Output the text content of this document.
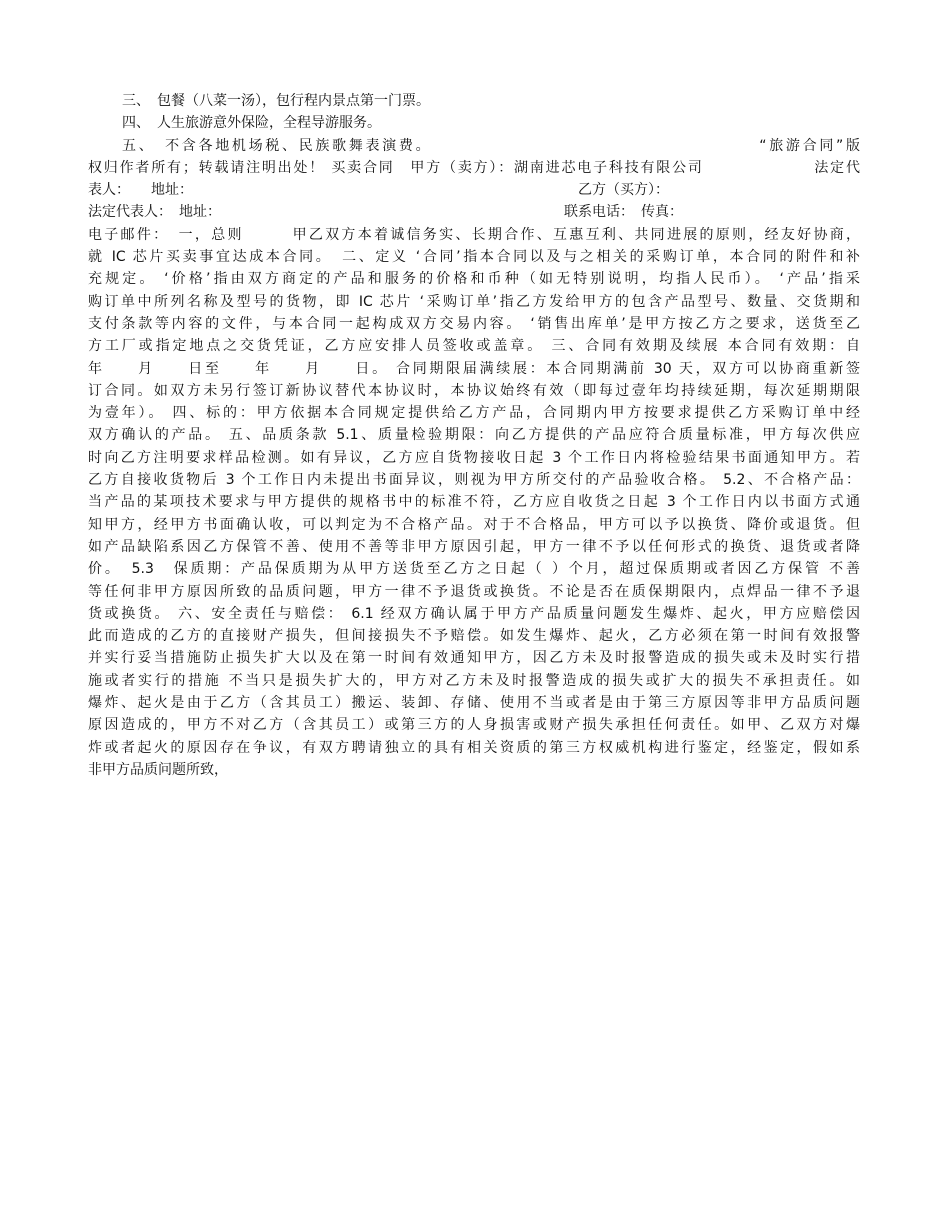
三、　包餐（八菜一汤），包行程内景点第一门票。
四、　人生旅游意外保险，全程导游服务。
五、　不含各地机场税、民族歌舞表演费。　　　　　　　　　　　　　　　　　　　　“旅游合同”版
权归作者所有；转载请注明出处！ 买卖合同　甲方（卖方）：湖南进芯电子科技有限公司　　　　　　　法定代
表人：　　地址：　　　　　　　　　　　　　　　　　　　　　　　　　　　　乙方（买方）：
法定代表人：　地址：　　　　　　　　　　　　　　　　　　　　　　　　　联系电话：　传真：
电子邮件：　一，总则　　　甲乙双方本着诚信务实、长期合作、互惠互利、共同进展的原则，经友好协商，
就 IC 芯片买卖事宜达成本合同。　二、定义 ‘合同’指本合同以及与之相关的采购订单，本合同的附件和补
充规定。 ‘价格’指由双方商定的产品和服务的价格和币种（如无特别说明，均指人民币）。 ‘产品’指采
购订单中所列名称及型号的货物，即 IC 芯片 ‘采购订单’指乙方发给甲方的包含产品型号、数量、交货期和
支付条款等内容的文件，与本合同一起构成双方交易内容。 ‘销售出库单’是甲方按乙方之要求，送货至乙
方工厂或指定地点之交货凭证，乙方应安排人员签收或盖章。 三、合同有效期及续展 本合同有效期：自
年　　月　　日至　　年　　月　　日。 合同期限届满续展：本合同期满前 30 天，双方可以协商重新签
订合同。如双方未另行签订新协议替代本协议时，本协议始终有效（即每过壹年均持续延期，每次延期期限
为壹年）。 四、标的：甲方依据本合同规定提供给乙方产品，合同期内甲方按要求提供乙方采购订单中经
双方确认的产品。 五、品质条款 5.1、质量检验期限：向乙方提供的产品应符合质量标准，甲方每次供应
时向乙方注明要求样品检测。如有异议，乙方应自货物接收日起 3 个工作日内将检验结果书面通知甲方。若
乙方自接收货物后 3 个工作日内未提出书面异议，则视为甲方所交付的产品验收合格。 5.2、不合格产品：
当产品的某项技术要求与甲方提供的规格书中的标准不符，乙方应自收货之日起 3 个工作日内以书面方式通
知甲方，经甲方书面确认收，可以判定为不合格产品。对于不合格品，甲方可以予以换货、降价或退货。但
如产品缺陷系因乙方保管不善、使用不善等非甲方原因引起，甲方一律不予以任何形式的换货、退货或者降
价。　5.3　保质期：产品保质期为从甲方送货至乙方之日起（ ）个月，超过保质期或者因乙方保管 不善
等任何非甲方原因所致的品质问题，甲方一律不予退货或换货。不论是否在质保期限内，点焊品一律不予退
货或换货。 六、安全责任与赔偿： 6.1 经双方确认属于甲方产品质量问题发生爆炸、起火，甲方应赔偿因
此而造成的乙方的直接财产损失，但间接损失不予赔偿。如发生爆炸、起火，乙方必须在第一时间有效报警
并实行妥当措施防止损失扩大以及在第一时间有效通知甲方，因乙方未及时报警造成的损失或未及时实行措
施或者实行的措施 不当只是损失扩大的，甲方对乙方未及时报警造成的损失或扩大的损失不承担责任。如
爆炸、起火是由于乙方（含其员工）搬运、装卸、存储、使用不当或者是由于第三方原因等非甲方品质问题
原因造成的，甲方不对乙方（含其员工）或第三方的人身损害或财产损失承担任何责任。如甲、乙双方对爆
炸或者起火的原因存在争议，有双方聘请独立的具有相关资质的第三方权威机构进行鉴定，经鉴定，假如系
非甲方品质问题所致，
